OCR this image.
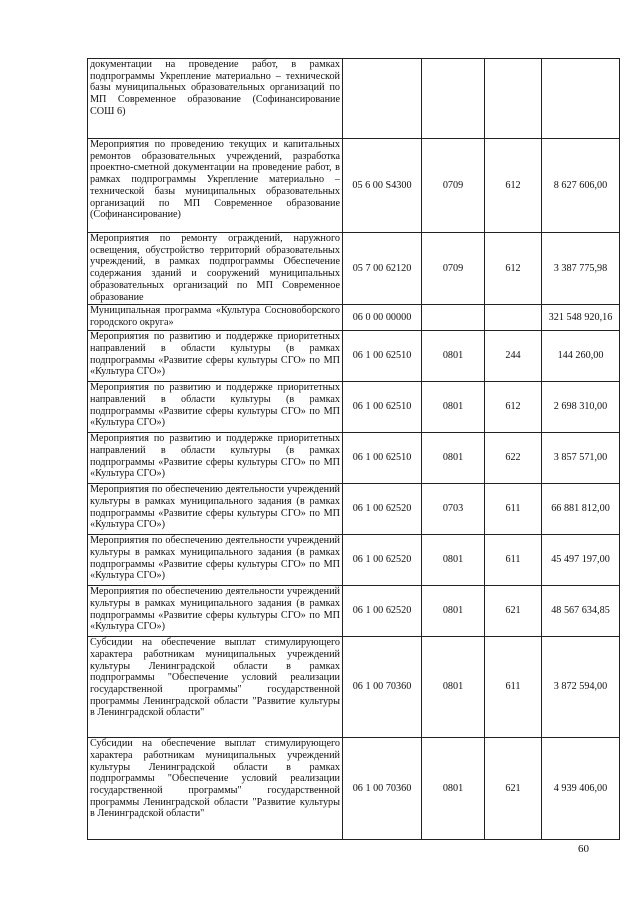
документации на проведение работ, в рамках подпрограммы Укрепление материально – технической базы муниципальных образовательных организаций по МП Современное образование (Софинансирование СОШ 6)				
Мероприятия по проведению текущих и капитальных ремонтов образовательных учреждений, разработка проектно-сметной документации на проведение работ, в рамках подпрограммы Укрепление материально – технической базы муниципальных образовательных организаций по МП Современное образование (Софинансирование)	05 6 00 S4300	0709	612	8 627 606,00
Мероприятия по ремонту ограждений, наружного освещения, обустройство территорий образовательных учреждений, в рамках подпрограммы Обеспечение содержания зданий и сооружений муниципальных образовательных организаций по МП Современное образование	05 7 00 62120	0709	612	3 387 775,98
Муниципальная программа «Культура Сосновоборского городского округа»	06 0 00 00000			321 548 920,16
Мероприятия по развитию и поддержке приоритетных направлений в области культуры (в рамках подпрограммы «Развитие сферы культуры СГО» по МП «Культура СГО»)	06 1 00 62510	0801	244	144 260,00
Мероприятия по развитию и поддержке приоритетных направлений в области культуры (в рамках подпрограммы «Развитие сферы культуры СГО» по МП «Культура СГО»)	06 1 00 62510	0801	612	2 698 310,00
Мероприятия по развитию и поддержке приоритетных направлений в области культуры (в рамках подпрограммы «Развитие сферы культуры СГО» по МП «Культура СГО»)	06 1 00 62510	0801	622	3 857 571,00
Мероприятия по обеспечению деятельности учреждений культуры в рамках муниципального задания (в рамках подпрограммы «Развитие сферы культуры СГО» по МП «Культура СГО»)	06 1 00 62520	0703	611	66 881 812,00
Мероприятия по обеспечению деятельности учреждений культуры в рамках муниципального задания (в рамках подпрограммы «Развитие сферы культуры СГО» по МП «Культура СГО»)	06 1 00 62520	0801	611	45 497 197,00
Мероприятия по обеспечению деятельности учреждений культуры в рамках муниципального задания (в рамках подпрограммы «Развитие сферы культуры СГО» по МП «Культура СГО»)	06 1 00 62520	0801	621	48 567 634,85
Субсидии на обеспечение выплат стимулирующего характера работникам муниципальных учреждений культуры Ленинградской области в рамках подпрограммы "Обеспечение условий реализации государственной программы" государственной программы Ленинградской области "Развитие культуры в Ленинградской области"	06 1 00 70360	0801	611	3 872 594,00
Субсидии на обеспечение выплат стимулирующего характера работникам муниципальных учреждений культуры Ленинградской области в рамках подпрограммы "Обеспечение условий реализации государственной программы" государственной программы Ленинградской области "Развитие культуры в Ленинградской области"	06 1 00 70360	0801	621	4 939 406,00
60
